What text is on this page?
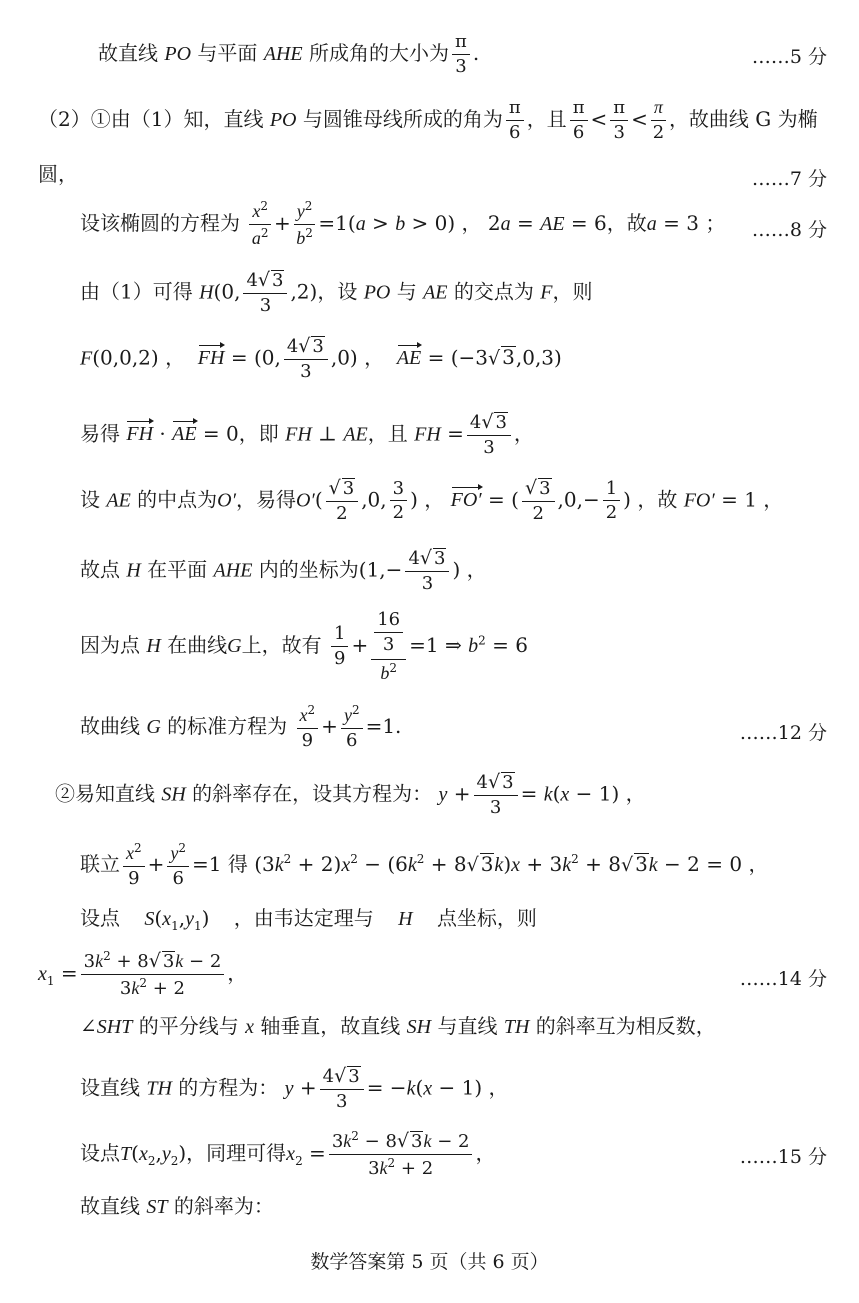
故直线 PO 与平面 AHE 所成角的大小为 $\frac{\pi}{3}$ .	……5 分
（2）①由（1）知，直线 PO 与圆锥母线所成的角为 $\frac{\pi}{6}$ ，且 $\frac{\pi}{6} < \frac{\pi}{3} < \frac{\pi}{2}$ ，故曲线 G 为椭
圆，	……7 分
设该椭圆的方程为 $\frac{x^2}{a^2} + \frac{y^2}{b^2} =1(a > b > 0)$ ， 2a = AE = 6，故a = 3 ； ……8 分
由（1）可得 H(0, $\frac{4√ 3}{3} ,2$)，设 PO 与 AE 的交点为 F，则
F(0,0,2) ，  FH = (0, $\frac{4√ 3}{3} ,0$) ，  AE = (−3√ 3,0,3)
易得 FH · AE = 0，即 FH ⊥ AE，且 FH = $\frac{4√ 3}{3}$ ，
设 AE 的中点为O′，易得$O'( \frac{√ 3}{2} ,0$, $\frac{3}{2}$ ) ， FO′ = ( $\frac{√ 3}{2} ,0,- \frac{1}{2}$ ) ，故 FO′ = 1 ，
故点 H 在平面 AHE 内的坐标为($1,- \frac{4√ 3}{3}$ ) ，
因为点 H 在曲线G上，故有 $\frac{1}{9} + \frac{\frac{16}{3}}{b^2} =1$ ⇒ $b^2 = 6$
故曲线 G 的标准方程为 $\frac{x^2}{9} + \frac{y^2}{6} =1$.	……12 分
②易知直线 SH 的斜率存在，设其方程为： $y + \frac{4√ 3}{3} = k(x - 1)$ ，
联立 $\frac{x^2}{9} + \frac{y^2}{6} =1$ 得 $(3k^2 + 2)x^2 - (6k^2 + 8√$ $3k)x + 3k^2 + 8√$ 3k − 2 = 0 ，
设点 $S(x_1,y_1)$ ，由韦达定理与 H 点坐标，则
$x_1 = \frac{3k^2 + 8√ 3k - 2}{3k^2 + 2}$ ，	……14 分
∠SHT 的平分线与 x 轴垂直，故直线 SH 与直线 TH 的斜率互为相反数，
设直线 TH 的方程为： $y + \frac{4√ 3}{3} = -k(x - 1)$ ，
设点$T(x_2,y_2)$，同理可得$x_2 = \frac{3k^2 - 8√ 3k - 2}{3k^2 + 2}$ ，	……15 分
故直线 ST 的斜率为：
数学答案第 5 页（共 6 页）
